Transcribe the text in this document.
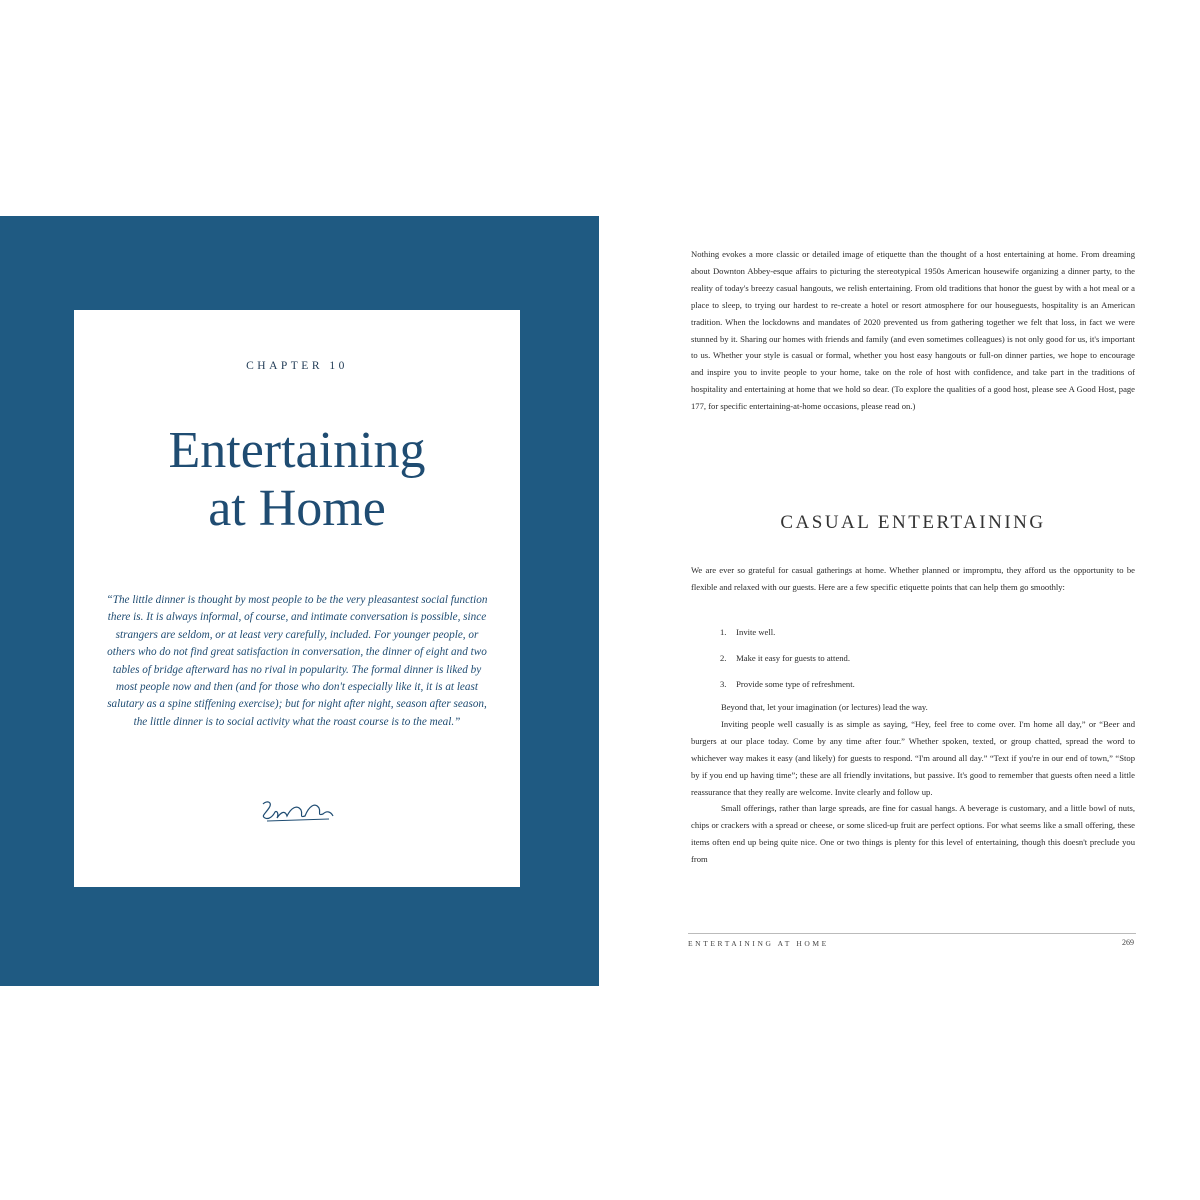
CHAPTER 10
Entertaining
at Home
“The little dinner is thought by most people to be the very pleasantest social function there is. It is always informal, of course, and intimate conversation is possible, since strangers are seldom, or at least very carefully, included. For younger people, or others who do not find great satisfaction in conversation, the dinner of eight and two tables of bridge afterward has no rival in popularity. The formal dinner is liked by most people now and then (and for those who don't especially like it, it is at least salutary as a spine stiffening exercise); but for night after night, season after season, the little dinner is to social activity what the roast course is to the meal.”
Nothing evokes a more classic or detailed image of etiquette than the thought of a host entertaining at home. From dreaming about Downton Abbey-esque affairs to picturing the stereotypical 1950s American housewife organizing a dinner party, to the reality of today's breezy casual hangouts, we relish entertaining. From old traditions that honor the guest by with a hot meal or a place to sleep, to trying our hardest to re-create a hotel or resort atmosphere for our houseguests, hospitality is an American tradition. When the lockdowns and mandates of 2020 prevented us from gathering together we felt that loss, in fact we were stunned by it. Sharing our homes with friends and family (and even sometimes colleagues) is not only good for us, it's important to us. Whether your style is casual or formal, whether you host easy hangouts or full-on dinner parties, we hope to encourage and inspire you to invite people to your home, take on the role of host with confidence, and take part in the traditions of hospitality and entertaining at home that we hold so dear. (To explore the qualities of a good host, please see A Good Host, page 177, for specific entertaining-at-home occasions, please read on.)
CASUAL ENTERTAINING
We are ever so grateful for casual gatherings at home. Whether planned or impromptu, they afford us the opportunity to be flexible and relaxed with our guests. Here are a few specific etiquette points that can help them go smoothly:
1. Invite well.
2. Make it easy for guests to attend.
3. Provide some type of refreshment.

Beyond that, let your imagination (or lectures) lead the way.

Inviting people well casually is as simple as saying, “Hey, feel free to come over. I'm home all day,” or “Beer and burgers at our place today. Come by any time after four.” Whether spoken, texted, or group chatted, spread the word to whichever way makes it easy (and likely) for guests to respond. “I'm around all day.” “Text if you're in our end of town,” “Stop by if you end up having time”; these are all friendly invitations, but passive. It's good to remember that guests often need a little reassurance that they really are welcome. Invite clearly and follow up.

Small offerings, rather than large spreads, are fine for casual hangs. A beverage is customary, and a little bowl of nuts, chips or crackers with a spread or cheese, or some sliced-up fruit are perfect options. For what seems like a small offering, these items often end up being quite nice. One or two things is plenty for this level of entertaining, though this doesn't preclude you from

ENTERTAINING AT HOME	269
